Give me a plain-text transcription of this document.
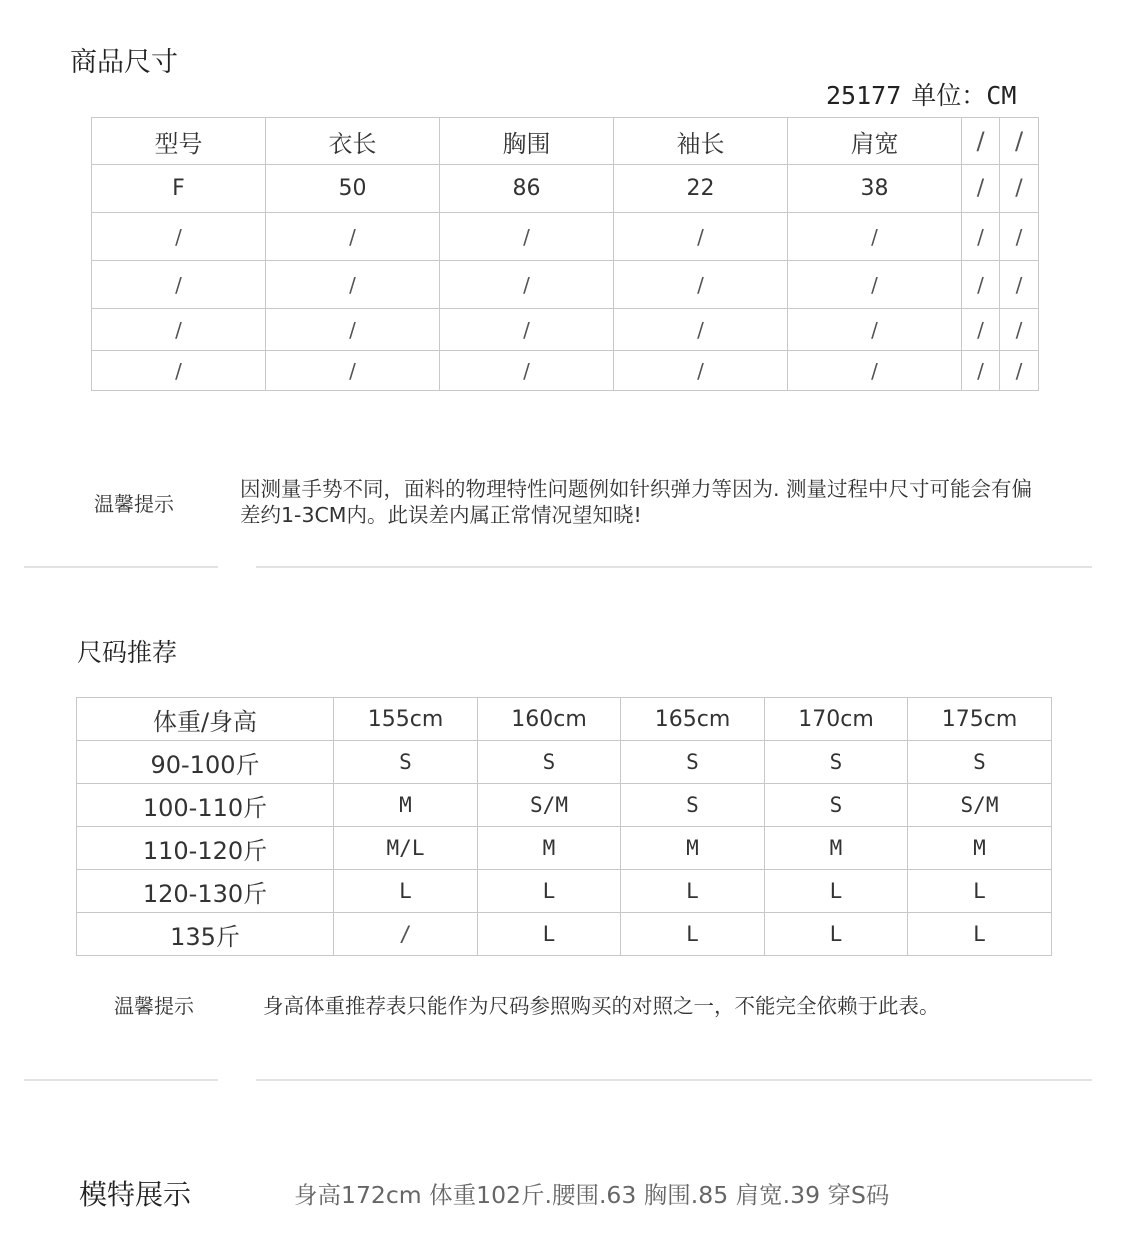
商品尺寸
25177 单位：CM
型号	衣长	胸围	袖长	肩宽	/	/
F	50	86	22	38	/	/
/	/	/	/	/	/	/
/	/	/	/	/	/	/
/	/	/	/	/	/	/
/	/	/	/	/	/	/
温馨提示
因测量手势不同，面料的物理特性问题例如针织弹力等因为. 测量过程中尺寸可能会有偏差约1-3CM内。此误差内属正常情况望知晓!
尺码推荐
体重/身高	155cm	160cm	165cm	170cm	175cm
90-100斤	S	S	S	S	S
100-110斤	M	S/M	S	S	S/M
110-120斤	M/L	M	M	M	M
120-130斤	L	L	L	L	L
135斤	/	L	L	L	L
温馨提示	身高体重推荐表只能作为尺码参照购买的对照之一，不能完全依赖于此表。
模特展示	身高172cm 体重102斤.腰围.63 胸围.85 肩宽.39 穿S码
